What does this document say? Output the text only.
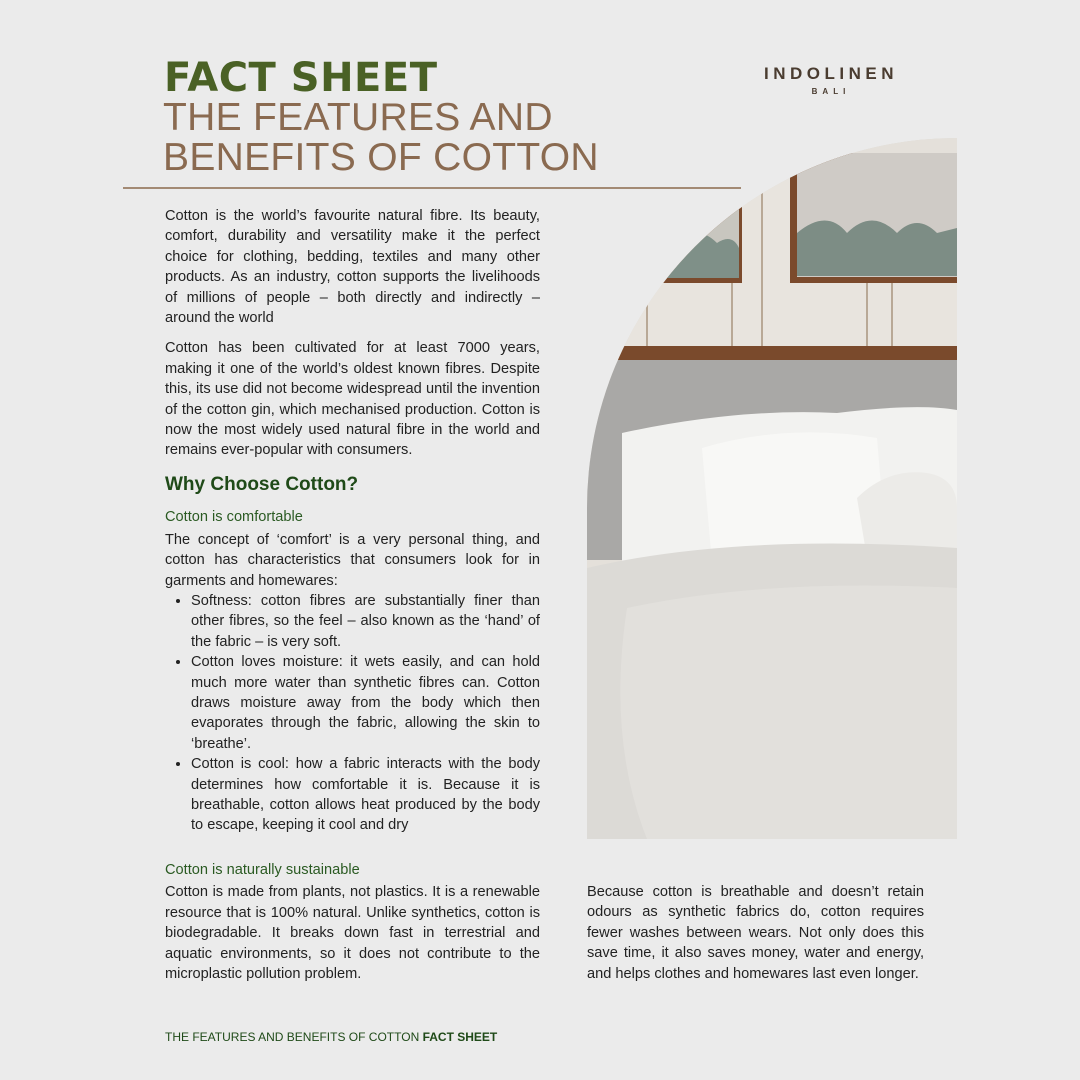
FACT SHEET
THE FEATURES AND
BENEFITS OF COTTON
INDOLINEN
BALI

Cotton is the world’s favourite natural fibre. Its beauty, comfort, durability and versatility make it the perfect choice for clothing, bedding, textiles and many other products. As an industry, cotton supports the livelihoods of millions of people – both directly and indirectly – around the world

Cotton has been cultivated for at least 7000 years, making it one of the world’s oldest known fibres. Despite this, its use did not become widespread until the invention of the cotton gin, which mechanised production. Cotton is now the most widely used natural fibre in the world and remains ever-popular with consumers.

Why Choose Cotton?
Cotton is comfortable
The concept of ‘comfort’ is a very personal thing, and cotton has characteristics that consumers look for in garments and homewares:
• Softness: cotton fibres are substantially finer than other fibres, so the feel – also known as the ‘hand’ of the fabric – is very soft.
• Cotton loves moisture: it wets easily, and can hold much more water than synthetic fibres can. Cotton draws moisture away from the body which then evaporates through the fabric, allowing the skin to ‘breathe’.
• Cotton is cool: how a fabric interacts with the body determines how comfortable it is. Because it is breathable, cotton allows heat produced by the body to escape, keeping it cool and dry
Cotton is naturally sustainable
Cotton is made from plants, not plastics. It is a renewable resource that is 100% natural. Unlike synthetics, cotton is biodegradable. It breaks down fast in terrestrial and aquatic environments, so it does not contribute to the microplastic pollution problem.
Because cotton is breathable and doesn’t retain odours as synthetic fabrics do, cotton requires fewer washes between wears. Not only does this save time, it also saves money, water and energy, and helps clothes and homewares last even longer.
THE FEATURES AND BENEFITS OF COTTON FACT SHEET
